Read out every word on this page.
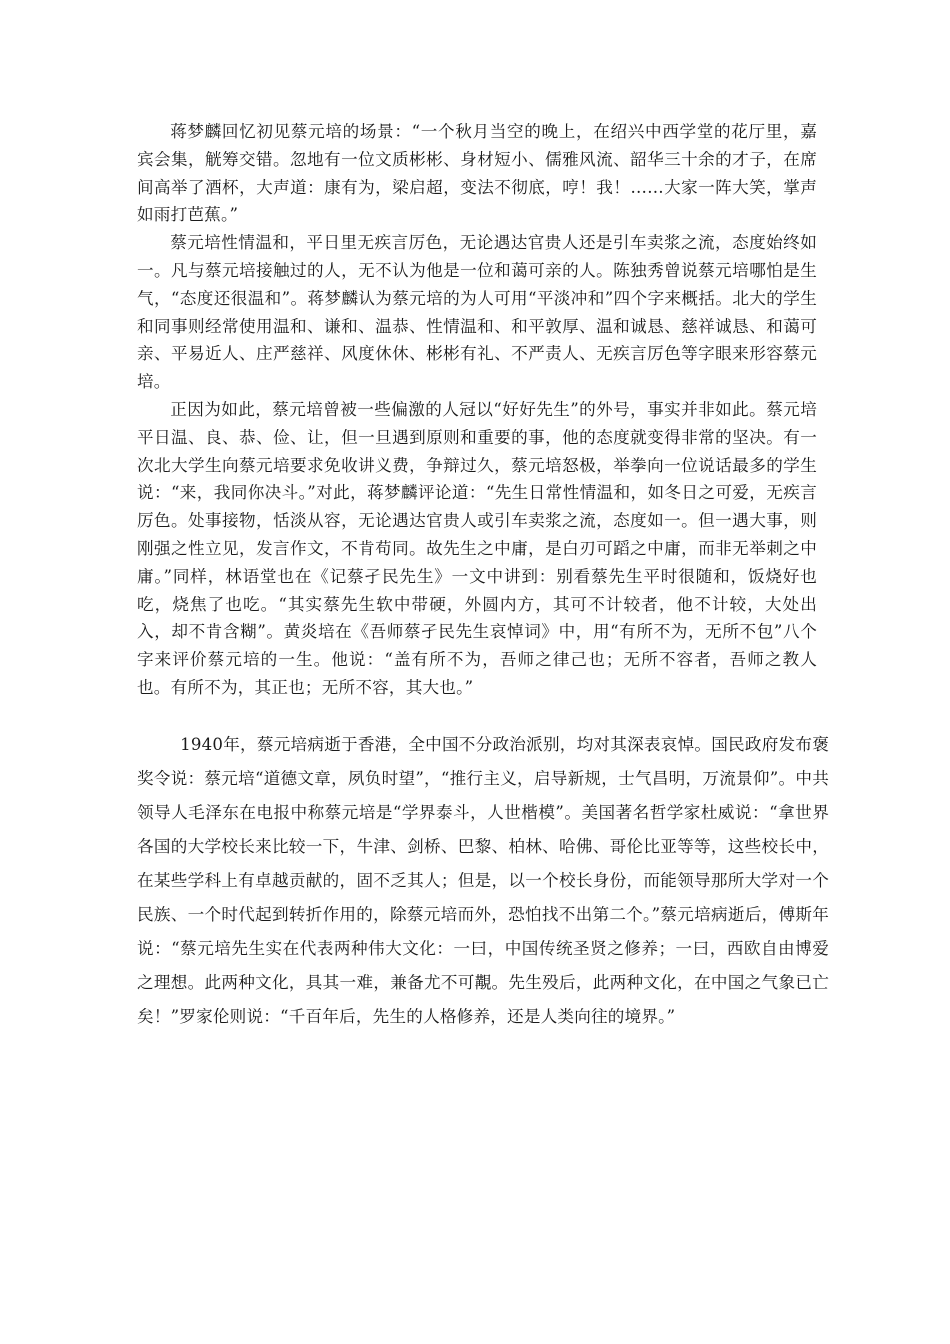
蒋梦麟回忆初见蔡元培的场景：“一个秋月当空的晚上，在绍兴中西学堂的花厅里，嘉宾会集，觥筹交错。忽地有一位文质彬彬、身材短小、儒雅风流、韶华三十余的才子，在席间高举了酒杯，大声道：康有为，梁启超，变法不彻底，哼！我！……大家一阵大笑，掌声如雨打芭蕉。”

蔡元培性情温和，平日里无疾言厉色，无论遇达官贵人还是引车卖浆之流，态度始终如一。凡与蔡元培接触过的人，无不认为他是一位和蔼可亲的人。陈独秀曾说蔡元培哪怕是生气，“态度还很温和”。蒋梦麟认为蔡元培的为人可用“平淡冲和”四个字来概括。北大的学生和同事则经常使用温和、谦和、温恭、性情温和、和平敦厚、温和诚恳、慈祥诚恳、和蔼可亲、平易近人、庄严慈祥、风度休休、彬彬有礼、不严责人、无疾言厉色等字眼来形容蔡元培。

正因为如此，蔡元培曾被一些偏激的人冠以“好好先生”的外号，事实并非如此。蔡元培平日温、良、恭、俭、让，但一旦遇到原则和重要的事，他的态度就变得非常的坚决。有一次北大学生向蔡元培要求免收讲义费，争辩过久，蔡元培怒极，举拳向一位说话最多的学生说：“来，我同你决斗。”对此，蒋梦麟评论道：“先生日常性情温和，如冬日之可爱，无疾言厉色。处事接物，恬淡从容，无论遇达官贵人或引车卖浆之流，态度如一。但一遇大事，则刚强之性立见，发言作文，不肯苟同。故先生之中庸，是白刃可蹈之中庸，而非无举刺之中庸。”同样，林语堂也在《记蔡孑民先生》一文中讲到：别看蔡先生平时很随和，饭烧好也吃，烧焦了也吃。“其实蔡先生软中带硬，外圆内方，其可不计较者，他不计较，大处出入，却不肯含糊”。黄炎培在《吾师蔡孑民先生哀悼词》中，用“有所不为，无所不包”八个字来评价蔡元培的一生。他说：“盖有所不为，吾师之律己也；无所不容者，吾师之教人也。有所不为，其正也；无所不容，其大也。”

1940年，蔡元培病逝于香港，全中国不分政治派别，均对其深表哀悼。国民政府发布褒奖令说：蔡元培“道德文章，夙负时望”，“推行主义，启导新规，士气昌明，万流景仰”。中共领导人毛泽东在电报中称蔡元培是“学界泰斗，人世楷模”。美国著名哲学家杜威说：“拿世界各国的大学校长来比较一下，牛津、剑桥、巴黎、柏林、哈佛、哥伦比亚等等，这些校长中，在某些学科上有卓越贡献的，固不乏其人；但是，以一个校长身份，而能领导那所大学对一个民族、一个时代起到转折作用的，除蔡元培而外，恐怕找不出第二个。”蔡元培病逝后，傅斯年说：“蔡元培先生实在代表两种伟大文化：一曰，中国传统圣贤之修养；一曰，西欧自由博爱之理想。此两种文化，具其一难，兼备尤不可覯。先生殁后，此两种文化，在中国之气象已亡矣！”罗家伦则说：“千百年后，先生的人格修养，还是人类向往的境界。”
